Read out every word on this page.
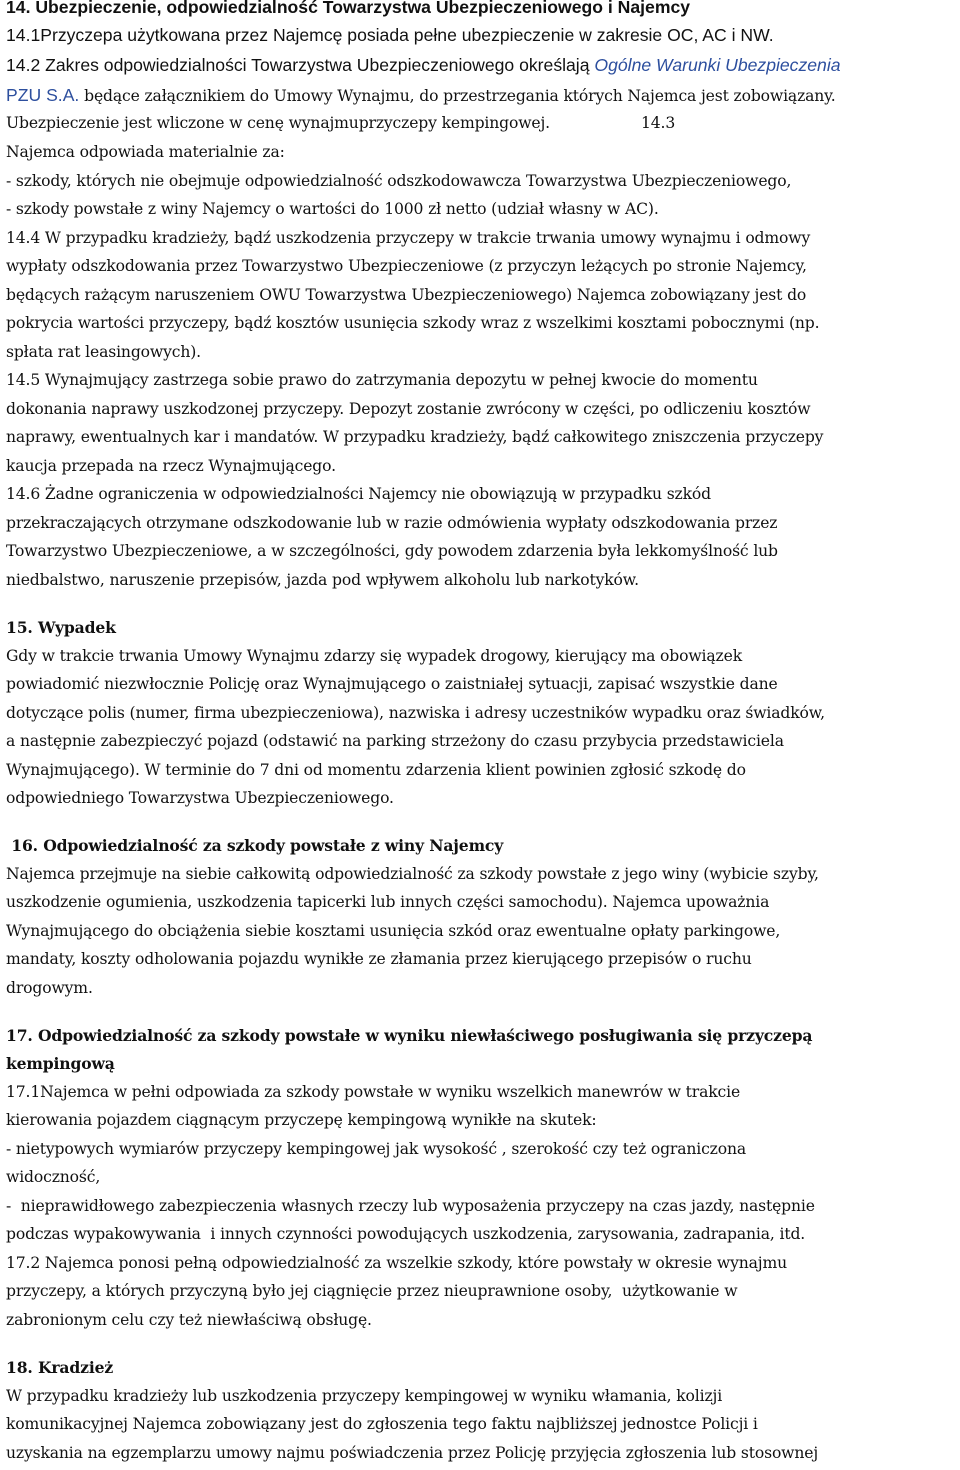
14. Ubezpieczenie, odpowiedzialność Towarzystwa Ubezpieczeniowego i Najemcy
14.1Przyczepa użytkowana przez Najemcę posiada pełne ubezpieczenie w zakresie OC, AC i NW.
14.2 Zakres odpowiedzialności Towarzystwa Ubezpieczeniowego określają Ogólne Warunki Ubezpieczenia
PZU S.A. będące załącznikiem do Umowy Wynajmu, do przestrzegania których Najemca jest zobowiązany.
Ubezpieczenie jest wliczone w cenę wynajmuprzyczepy kempingowej.	14.3
Najemca odpowiada materialnie za:
- szkody, których nie obejmuje odpowiedzialność odszkodowawcza Towarzystwa Ubezpieczeniowego,
- szkody powstałe z winy Najemcy o wartości do 1000 zł netto (udział własny w AC).
14.4 W przypadku kradzieży, bądź uszkodzenia przyczepy w trakcie trwania umowy wynajmu i odmowy
wypłaty odszkodowania przez Towarzystwo Ubezpieczeniowe (z przyczyn leżących po stronie Najemcy,
będących rażącym naruszeniem OWU Towarzystwa Ubezpieczeniowego) Najemca zobowiązany jest do
pokrycia wartości przyczepy, bądź kosztów usunięcia szkody wraz z wszelkimi kosztami pobocznymi (np.
spłata rat leasingowych).
14.5 Wynajmujący zastrzega sobie prawo do zatrzymania depozytu w pełnej kwocie do momentu
dokonania naprawy uszkodzonej przyczepy. Depozyt zostanie zwrócony w części, po odliczeniu kosztów
naprawy, ewentualnych kar i mandatów. W przypadku kradzieży, bądź całkowitego zniszczenia przyczepy
kaucja przepada na rzecz Wynajmującego.
14.6 Żadne ograniczenia w odpowiedzialności Najemcy nie obowiązują w przypadku szkód
przekraczających otrzymane odszkodowanie lub w razie odmówienia wypłaty odszkodowania przez
Towarzystwo Ubezpieczeniowe, a w szczególności, gdy powodem zdarzenia była lekkomyślność lub
niedbalstwo, naruszenie przepisów, jazda pod wpływem alkoholu lub narkotyków.
15. Wypadek
Gdy w trakcie trwania Umowy Wynajmu zdarzy się wypadek drogowy, kierujący ma obowiązek
powiadomić niezwłocznie Policję oraz Wynajmującego o zaistniałej sytuacji, zapisać wszystkie dane
dotyczące polis (numer, firma ubezpieczeniowa), nazwiska i adresy uczestników wypadku oraz świadków,
a następnie zabezpieczyć pojazd (odstawić na parking strzeżony do czasu przybycia przedstawiciela
Wynajmującego). W terminie do 7 dni od momentu zdarzenia klient powinien zgłosić szkodę do
odpowiedniego Towarzystwa Ubezpieczeniowego.
16. Odpowiedzialność za szkody powstałe z winy Najemcy
Najemca przejmuje na siebie całkowitą odpowiedzialność za szkody powstałe z jego winy (wybicie szyby,
uszkodzenie ogumienia, uszkodzenia tapicerki lub innych części samochodu). Najemca upoważnia
Wynajmującego do obciążenia siebie kosztami usunięcia szkód oraz ewentualne opłaty parkingowe,
mandaty, koszty odholowania pojazdu wynikłe ze złamania przez kierującego przepisów o ruchu
drogowym.
17. Odpowiedzialność za szkody powstałe w wyniku niewłaściwego posługiwania się przyczepą
kempingową
17.1Najemca w pełni odpowiada za szkody powstałe w wyniku wszelkich manewrów w trakcie
kierowania pojazdem ciągnącym przyczepę kempingową wynikłe na skutek:
- nietypowych wymiarów przyczepy kempingowej jak wysokość , szerokość czy też ograniczona
widoczność,
-  nieprawidłowego zabezpieczenia własnych rzeczy lub wyposażenia przyczepy na czas jazdy, następnie
podczas wypakowywania  i innych czynności powodujących uszkodzenia, zarysowania, zadrapania, itd.
17.2 Najemca ponosi pełną odpowiedzialność za wszelkie szkody, które powstały w okresie wynajmu
przyczepy, a których przyczyną było jej ciągnięcie przez nieuprawnione osoby,  użytkowanie w
zabronionym celu czy też niewłaściwą obsługę.
18. Kradzież
W przypadku kradzieży lub uszkodzenia przyczepy kempingowej w wyniku włamania, kolizji
komunikacyjnej Najemca zobowiązany jest do zgłoszenia tego faktu najbliższej jednostce Policji i
uzyskania na egzemplarzu umowy najmu poświadczenia przez Policję przyjęcia zgłoszenia lub stosownej
